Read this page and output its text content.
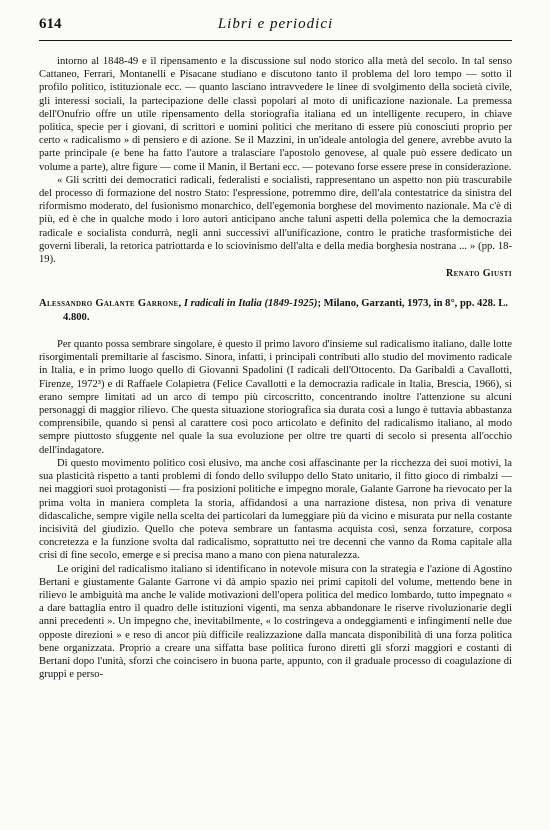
614	Libri e periodici

intorno al 1848-49 e il ripensamento e la discussione sul nodo storico alla metà del secolo. In tal senso Cattaneo, Ferrari, Montanelli e Pisacane studiano e discutono tanto il problema del loro tempo — sotto il profilo politico, istituzionale ecc. — quanto lasciano intravvedere le linee di svolgimento della società civile, gli interessi sociali, la partecipazione delle classi popolari al moto di unificazione nazionale. La premessa dell'Onufrio offre un utile ripensamento della storiografia italiana ed un intelligente recupero, in chiave politica, specie per i giovani, di scrittori e uomini politici che meritano di essere più conosciuti proprio per certo « radicalismo » di pensiero e di azione. Se il Mazzini, in un'ideale antologia del genere, avrebbe avuto la parte principale (e bene ha fatto l'autore a tralasciare l'apostolo genovese, al quale può essere dedicato un volume a parte), altre figure — come il Manin, il Bertani ecc. — potevano forse essere prese in considerazione.

« Gli scritti dei democratici radicali, federalisti e socialisti, rappresentano un aspetto non più trascurabile del processo di formazione del nostro Stato: l'espressione, potremmo dire, dell'ala contestatrice da sinistra del riformismo moderato, del fusionismo monarchico, dell'egemonia borghese del movimento nazionale. Ma c'è di più, ed è che in qualche modo i loro autori anticipano anche taluni aspetti della polemica che la democrazia radicale e socialista condurrà, negli anni successivi all'unificazione, contro le pratiche trasformistiche dei governi liberali, la retorica patriottarda e lo sciovinismo dell'alta e della media borghesia nostrana ... » (pp. 18-19).

Renato Giusti

Alessandro Galante Garrone, I radicali in Italia (1849-1925); Milano, Garzanti, 1973, in 8°, pp. 428. L. 4.800.

Per quanto possa sembrare singolare, è questo il primo lavoro d'insieme sul radicalismo italiano, dalle lotte risorgimentali premiltarie al fascismo. Sinora, infatti, i principali contributi allo studio del movimento radicale in Italia, e in primo luogo quello di Giovanni Spadolini (I radicali dell'Ottocento. Da Garibaldi a Cavallotti, Firenze, 1972³) e di Raffaele Colapietra (Felice Cavallotti e la democrazia radicale in Italia, Brescia, 1966), si erano sempre limitati ad un arco di tempo più circoscritto, concentrando inoltre l'attenzione su alcuni personaggi di maggior rilievo. Che questa situazione storiografica sia durata così a lungo è tuttavia abbastanza comprensibile, quando si pensi al carattere così poco articolato e definito del radicalismo italiano, al modo sempre piuttosto sfuggente nel quale la sua evoluzione per oltre tre quarti di secolo si presenta all'occhio dell'indagatore.

Di questo movimento politico così elusivo, ma anche così affascinante per la ricchezza dei suoi motivi, la sua plasticità rispetto a tanti problemi di fondo dello sviluppo dello Stato unitario, il fitto gioco di rimbalzi — nei maggiori suoi protagonisti — fra posizioni politiche e impegno morale, Galante Garrone ha rievocato per la prima volta in maniera completa la storia, affidandosi a una narrazione distesa, non priva di venature didascaliche, sempre vigile nella scelta dei particolari da lumeggiare più da vicino e misurata pur nella costante incisività del giudizio. Quello che poteva sembrare un fantasma acquista così, senza forzature, corposa concretezza e la funzione svolta dal radicalismo, soprattutto nei tre decenni che vanno da Roma capitale alla crisi di fine secolo, emerge e si precisa mano a mano con piena naturalezza.

Le origini del radicalismo italiano si identificano in notevole misura con la strategia e l'azione di Agostino Bertani e giustamente Galante Garrone vi dà ampio spazio nei primi capitoli del volume, mettendo bene in rilievo le ambiguità ma anche le valide motivazioni dell'opera politica del medico lombardo, tutto impegnato « a dare battaglia entro il quadro delle istituzioni vigenti, ma senza abbandonare le riserve rivoluzionarie degli anni precedenti ». Un impegno che, inevitabilmente, « lo costringeva a ondeggiamenti e infingimenti nelle due opposte direzioni » e reso di ancor più difficile realizzazione dalla mancata disponibilità di una forza politica bene organizzata. Proprio a creare una siffatta base politica furono diretti gli sforzi maggiori e costanti di Bertani dopo l'unità, sforzi che coincisero in buona parte, appunto, con il graduale processo di coagulazione di gruppi e perso-
